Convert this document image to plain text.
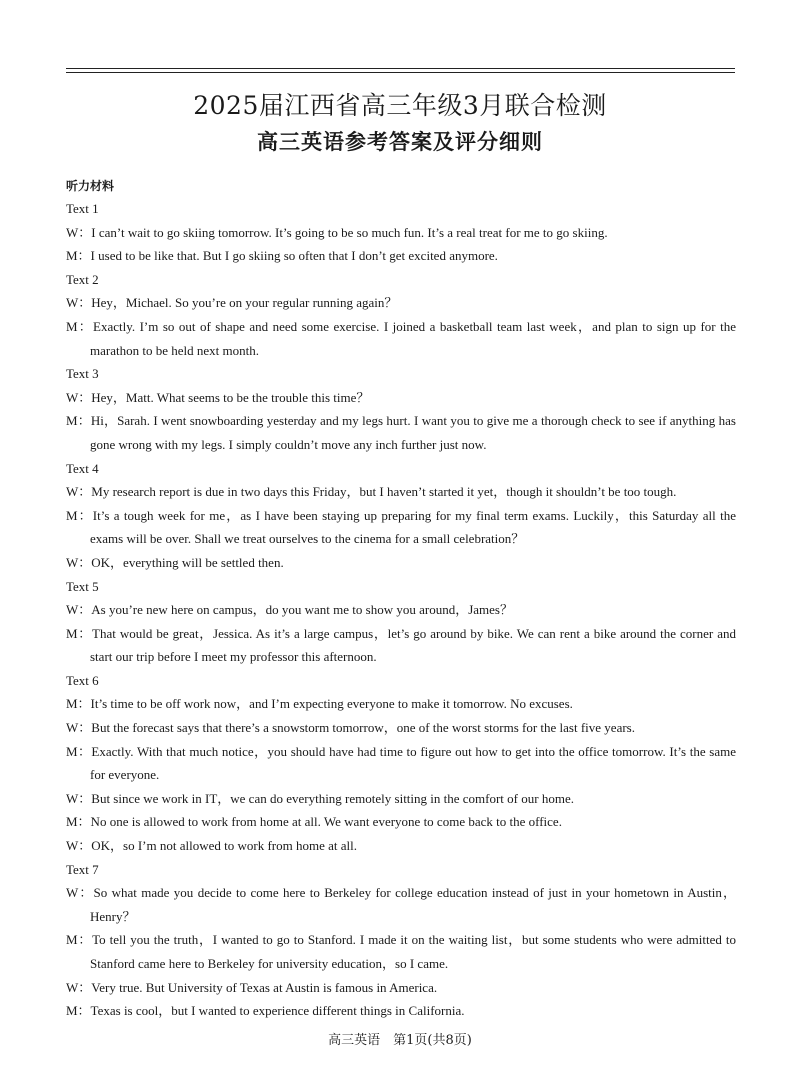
2025届江西省高三年级3月联合检测
高三英语参考答案及评分细则
听力材料
Text 1
W：I can’t wait to go skiing tomorrow. It’s going to be so much fun. It’s a real treat for me to go skiing.
M：I used to be like that. But I go skiing so often that I don’t get excited anymore.
Text 2
W：Hey，Michael. So you’re on your regular running again？
M：Exactly. I’m so out of shape and need some exercise. I joined a basketball team last week，and plan to sign up for the marathon to be held next month.
Text 3
W：Hey，Matt. What seems to be the trouble this time？
M：Hi，Sarah. I went snowboarding yesterday and my legs hurt. I want you to give me a thorough check to see if anything has gone wrong with my legs. I simply couldn’t move any inch further just now.
Text 4
W：My research report is due in two days this Friday，but I haven’t started it yet，though it shouldn’t be too tough.
M：It’s a tough week for me，as I have been staying up preparing for my final term exams. Luckily，this Saturday all the exams will be over. Shall we treat ourselves to the cinema for a small celebration？
W：OK，everything will be settled then.
Text 5
W：As you’re new here on campus，do you want me to show you around，James？
M：That would be great，Jessica. As it’s a large campus，let’s go around by bike. We can rent a bike around the corner and start our trip before I meet my professor this afternoon.
Text 6
M：It’s time to be off work now，and I’m expecting everyone to make it tomorrow. No excuses.
W：But the forecast says that there’s a snowstorm tomorrow，one of the worst storms for the last five years.
M：Exactly. With that much notice，you should have had time to figure out how to get into the office tomorrow. It’s the same for everyone.
W：But since we work in IT，we can do everything remotely sitting in the comfort of our home.
M：No one is allowed to work from home at all. We want everyone to come back to the office.
W：OK，so I’m not allowed to work from home at all.
Text 7
W：So what made you decide to come here to Berkeley for college education instead of just in your hometown in Austin，Henry？
M：To tell you the truth，I wanted to go to Stanford. I made it on the waiting list，but some students who were admitted to Stanford came here to Berkeley for university education，so I came.
W：Very true. But University of Texas at Austin is famous in America.
M：Texas is cool，but I wanted to experience different things in California.
高三英语　第1页(共8页)
